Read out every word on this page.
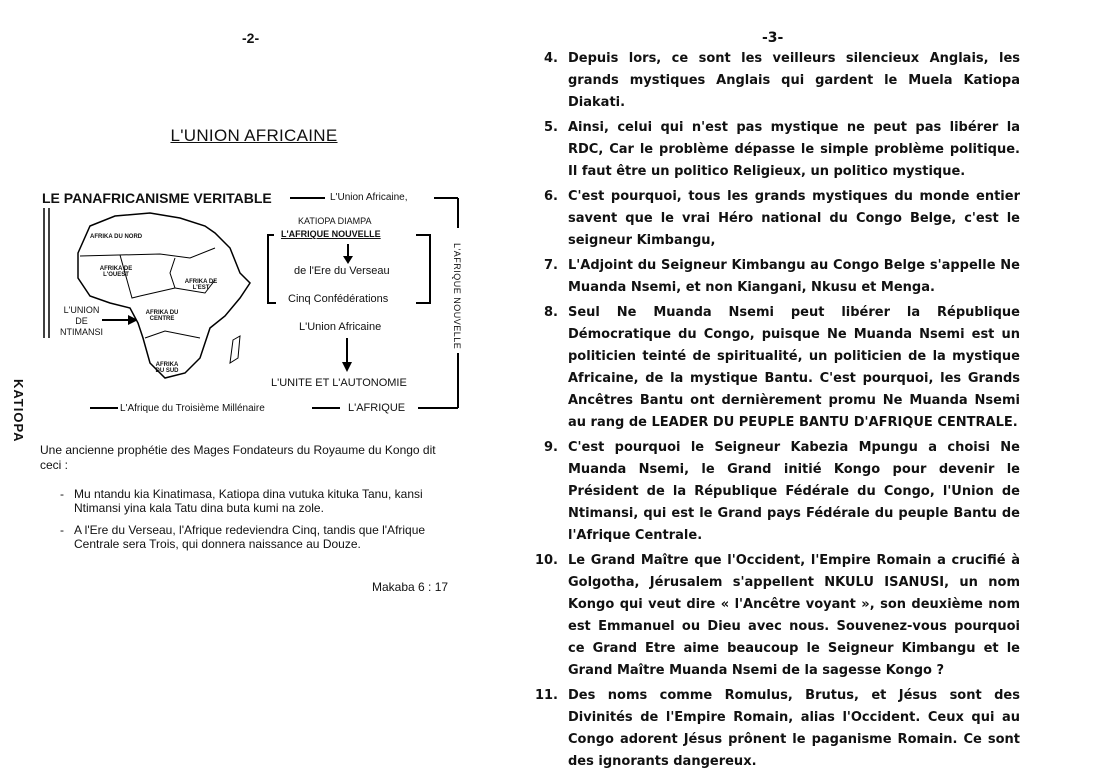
-2-
L'UNION AFRICAINE
LE PANAFRICANISME VERITABLE	L'Union Africaine,
KATIOPA DIAMPA
L'AFRIQUE NOUVELLE
de l'Ere du Verseau
Cinq Confédérations
L'Union Africaine
L'UNITE ET L'AUTONOMIE
L'Afrique du Troisième Millénaire	L'AFRIQUE
L'UNION
DE
NTIMANSI
KATIOPA
L'AFRIQUE NOUVELLE
AFRIKA DU NORD
AFRIKA DE L'OUEST
AFRIKA DE L'EST
AFRIKA DU CENTRE
AFRIKA DU SUD
Une ancienne prophétie des Mages Fondateurs du Royaume du Kongo dit ceci :
- Mu ntandu kia Kinatimasa, Katiopa dina vutuka kituka Tanu, kansi Ntimansi yina kala Tatu dina buta kumi na zole.
- A l'Ere du Verseau, l'Afrique redeviendra Cinq, tandis que l'Afrique Centrale sera Trois, qui donnera naissance au Douze.
Makaba 6 : 17
-3-
4. Depuis lors, ce sont les veilleurs silencieux Anglais, les grands mystiques Anglais qui gardent le Muela Katiopa Diakati.
5. Ainsi, celui qui n'est pas mystique ne peut pas libérer la RDC, Car le problème dépasse le simple problème politique. Il faut être un politico Religieux, un politico mystique.
6. C'est pourquoi, tous les grands mystiques du monde entier savent que le vrai Héro national du Congo Belge, c'est le seigneur Kimbangu,
7. L'Adjoint du Seigneur Kimbangu au Congo Belge s'appelle Ne Muanda Nsemi, et non Kiangani, Nkusu et Menga.
8. Seul Ne Muanda Nsemi peut libérer la République Démocratique du Congo, puisque Ne Muanda Nsemi est un politicien teinté de spiritualité, un politicien de la mystique Africaine, de la mystique Bantu. C'est pourquoi, les Grands Ancêtres Bantu ont dernièrement promu Ne Muanda Nsemi au rang de LEADER DU PEUPLE BANTU D'AFRIQUE CENTRALE.
9. C'est pourquoi le Seigneur Kabezia Mpungu a choisi Ne Muanda Nsemi, le Grand initié Kongo pour devenir le Président de la République Fédérale du Congo, l'Union de Ntimansi, qui est le Grand pays Fédérale du peuple Bantu de l'Afrique Centrale.
10. Le Grand Maître que l'Occident, l'Empire Romain a crucifié à Golgotha, Jérusalem s'appellent NKULU ISANUSI, un nom Kongo qui veut dire « l'Ancêtre voyant », son deuxième nom est Emmanuel ou Dieu avec nous. Souvenez-vous pourquoi ce Grand Etre aime beaucoup le Seigneur Kimbangu et le Grand Maître Muanda Nsemi de la sagesse Kongo ?
11. Des noms comme Romulus, Brutus, et Jésus sont des Divinités de l'Empire Romain, alias l'Occident. Ceux qui au Congo adorent Jésus prônent le paganisme Romain. Ce sont des ignorants dangereux.
